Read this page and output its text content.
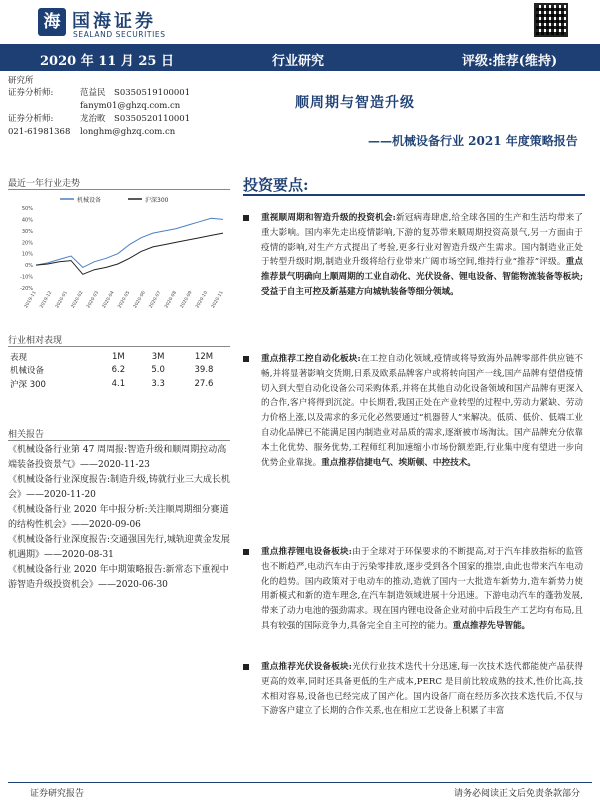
海 国海证券
SEALAND SECURITIES
2020 年 11 月 25 日	行业研究	评级:推荐(维持)
研究所
证券分析师:	范益民 S0350519100001
fanym01@ghzq.com.cn
证券分析师:	龙治畋 S0350520110001
021-61981368 longhm@ghzq.com.cn
顺周期与智造升级
——机械设备行业 2021 年度策略报告
最近一年行业走势
机械设备	沪深300
50%
40%
30%
20%
10%
0%
-10%
-20%
2019-11 2019-12 2020-01 2020-02 2020-03 2020-04 2020-05 2020-06 2020-07 2020-08 2020-09 2020-10 2020-11
行业相对表现
表现	1M	3M	12M
机械设备	6.2	5.0	39.8
沪深 300	4.1	3.3	27.6
相关报告
《机械设备行业第 47 周周报:智造升级和顺周期拉动高端装备投资景气》——2020-11-23
《机械设备行业深度报告:制造升级,铸就行业三大成长机会》——2020-11-20
《机械设备行业 2020 年中报分析:关注顺周期细分赛道的结构性机会》——2020-09-06
《机械设备行业深度报告:交通强国先行,城轨迎黄金发展机遇期》——2020-08-31
《机械设备行业 2020 年中期策略报告:新常态下重视中游智造升级投资机会》——2020-06-30
投资要点:
重视顺周期和智造升级的投资机会:新冠病毒肆虐,给全球各国的生产和生活均带来了重大影响。国内率先走出疫情影响,下游的复苏带来顺周期投资高景气,另一方面由于疫情的影响,对生产方式提出了考验,更多行业对智造升级产生需求。国内制造业正处于转型升级时期,制造业升级将给行业带来广阔市场空间,维持行业“推荐”评级。重点推荐景气明确向上顺周期的工业自动化、光伏设备、锂电设备、智能物流装备等板块;受益于自主可控及新基建方向城轨装备等细分领域。
重点推荐工控自动化板块:在工控自动化领域,疫情或将导致海外品牌零部件供应链不畅,并将显著影响交货期,日系及欧系品牌客户或将转向国产一线,国产品牌有望借疫情切入到大型自动化设备公司采购体系,并将在其他自动化设备领域和国产品牌有更深入的合作,客户将得到沉淀。中长期看,我国正处在产业转型的过程中,劳动力紧缺、劳动力价格上涨,以及需求的多元化必然要通过“机器替人”来解决。低质、低价、低端工业自动化品牌已不能满足国内制造业对品质的需求,逐渐被市场淘汰。国产品牌充分依靠本土化优势、服务优势,工程师红利加速缩小市场份额差距,行业集中度有望进一步向优势企业靠拢。重点推荐信捷电气、埃斯顿、中控技术。
重点推荐锂电设备板块:由于全球对于环保要求的不断提高,对于汽车排放指标的监管也不断趋严,电动汽车由于污染零排放,逐步受到各个国家的推崇,由此也带来汽车电动化的趋势。国内政策对于电动车的推动,造就了国内一大批造车新势力,造车新势力使用新模式和新的造车理念,在汽车制造领域进展十分迅速。下游电动汽车的蓬勃发展,带来了动力电池的强劲需求。现在国内锂电设备企业对前中后段生产工艺均有布局,且具有较强的国际竞争力,具备完全自主可控的能力。重点推荐先导智能。
重点推荐光伏设备板块:光伏行业技术迭代十分迅速,每一次技术迭代都能使产品获得更高的效率,同时还具备更低的生产成本,PERC 是目前比较成熟的技术,性价比高,技术相对容易,设备也已经完成了国产化。国内设备厂商在经历多次技术迭代后,不仅与下游客户建立了长期的合作关系,也在相应工艺设备上积累了丰富
证券研究报告	请务必阅读正文后免责条款部分
